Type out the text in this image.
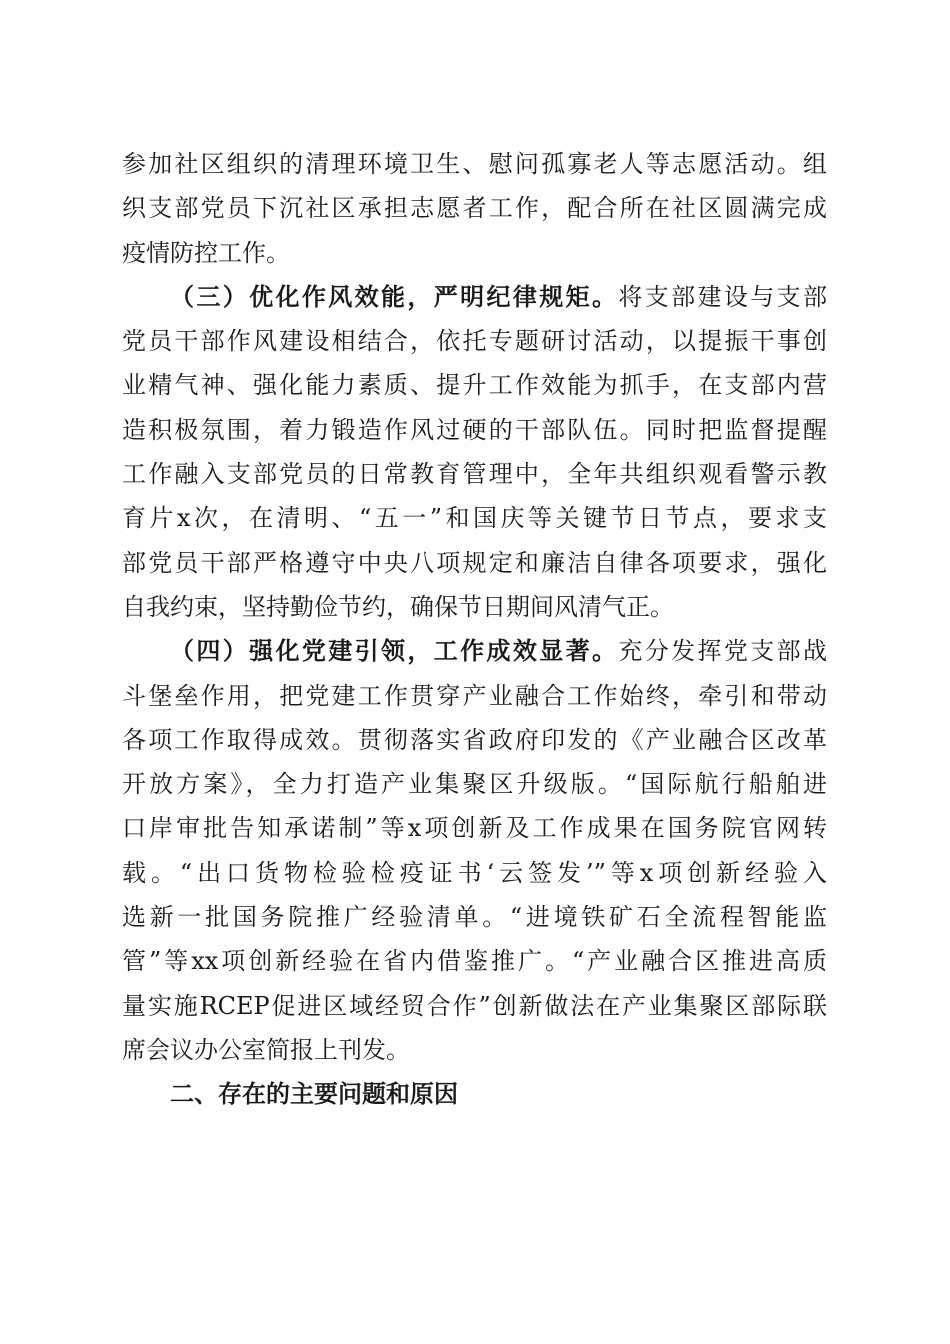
参加社区组织的清理环境卫生、慰问孤寡老人等志愿活动。组
织支部党员下沉社区承担志愿者工作，配合所在社区圆满完成
疫情防控工作。
（三）优化作风效能，严明纪律规矩。将支部建设与支部
党员干部作风建设相结合，依托专题研讨活动，以提振干事创
业精气神、强化能力素质、提升工作效能为抓手，在支部内营
造积极氛围，着力锻造作风过硬的干部队伍。同时把监督提醒
工作融入支部党员的日常教育管理中，全年共组织观看警示教
育片x次，在清明、“五一”和国庆等关键节日节点，要求支
部党员干部严格遵守中央八项规定和廉洁自律各项要求，强化
自我约束，坚持勤俭节约，确保节日期间风清气正。
（四）强化党建引领，工作成效显著。充分发挥党支部战
斗堡垒作用，把党建工作贯穿产业融合工作始终，牵引和带动
各项工作取得成效。贯彻落实省政府印发的《产业融合区改革
开放方案》，全力打造产业集聚区升级版。“国际航行船舶进
口岸审批告知承诺制”等x项创新及工作成果在国务院官网转
载。“出口货物检验检疫证书‘云签发’”等x项创新经验入
选新一批国务院推广经验清单。“进境铁矿石全流程智能监
管”等xx项创新经验在省内借鉴推广。“产业融合区推进高质
量实施RCEP促进区域经贸合作”创新做法在产业集聚区部际联
席会议办公室简报上刊发。
二、存在的主要问题和原因
